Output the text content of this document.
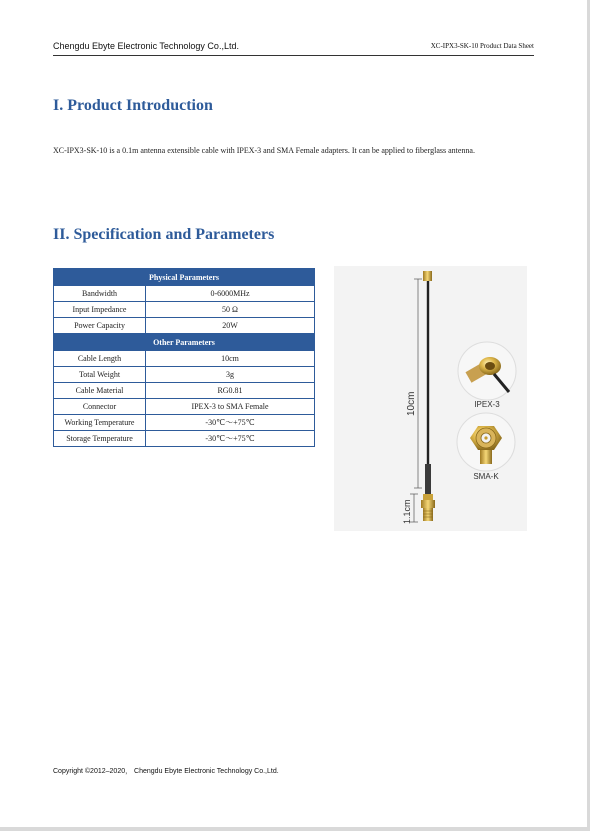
Chengdu Ebyte Electronic Technology Co.,Ltd.	XC-IPX3-SK-10 Product Data Sheet
I. Product Introduction
XC-IPX3-SK-10 is a 0.1m antenna extensible cable with IPEX-3 and SMA Female adapters. It can be applied to fiberglass antenna.
II. Specification and Parameters
Physical Parameters	
Bandwidth	0-6000MHz
Input Impedance	50 Ω
Power Capacity	20W
Other Parameters	
Cable Length	10cm
Total Weight	3g
Cable Material	RG0.81
Connector	IPEX-3 to SMA Female
Working Temperature	-30℃～+75℃
Storage Temperature	-30℃～+75℃
10cm
1.1cm
IPEX-3
SMA-K
Copyright ©2012–2020， Chengdu Ebyte Electronic Technology Co.,Ltd.
